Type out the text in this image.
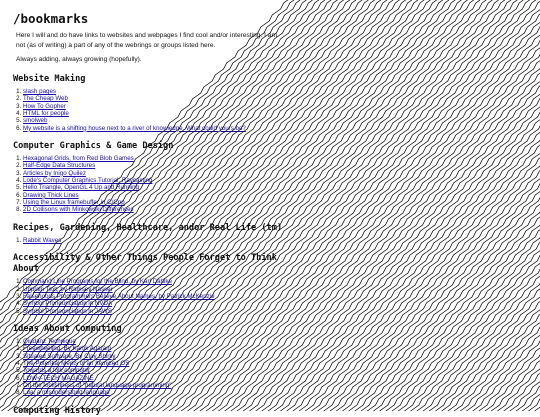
/bookmarks

Here I will and do have links to websites and webpages I find cool and/or interesting. I am not (as of writing) a part of any of the webrings or groups listed here.

Always adding, always growing (hopefully).

Website Making
1. slash pages
2. The Cheap Web
3. How To Gopher
4. HTML for people
5. smolweb
6. My website is a shifting house next to a river of knowledge. What could yours be?
Computer Graphics & Game Design
1. Hexagonal Grids, from Red Blob Games
2. Half-Edge Data Structures
3. Articles by Inigo Quilez
4. Lode's Computer Graphics Tutorial: Raycasting
5. Hello Triangle, OpenGL 4 Up and Running
6. Drawing Thick Lines
7. Using the Linux framebuffer in C/Cpp
8. 2D Collisons with Minkowski Differences
Recipes, Gardening, Healthcare, andor Real Life (tm)
1. Rabbit Waves
Accessibility & Other Things People Forget to Think About
1. Command Line Programs for the Blind, by Karl Dahlke
2. Unplain Text, by Ramsey Nasser
3. Falsehoods Programmers Believe About Names, by Patrick McKenzie
4. Symbol Pronounciation in NVDA
5. Symbol Pronounciation in JAWS
Ideas About Computing
1. Qiudanz Technique
2. Freewheeling, By Kartik Agaram
3. Situated Software, By Clay Shirky
4. The Potential Merits of an Itemized OS
5. Towards a folk computer
6. LOW<-TECH MAGAZINE
7. On the foolishness of "natural language programming"
8. Lua, a misunderstood language
Computing History
